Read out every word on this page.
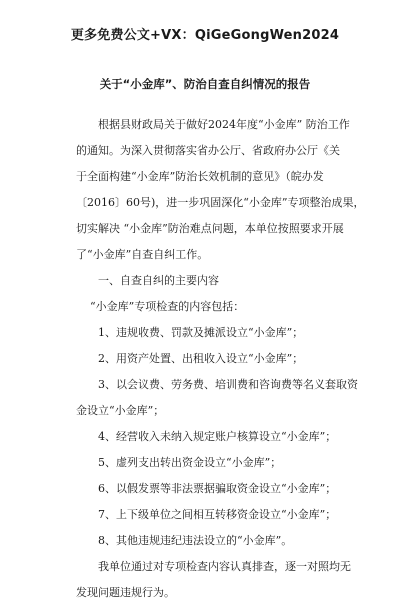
更多免费公文+VX：QiGeGongWen2024
关于“小金库”、防治自查自纠情况的报告
根据县财政局关于做好2024年度“小金库” 防治工作
的通知。为深入贯彻落实省办公厅、省政府办公厅《关
于全面构建“小金库”防治长效机制的意见》（皖办发
〔2016〕60号)，进一步巩固深化“小金库”专项整治成果，
切实解决 “小金库”防治难点问题，本单位按照要求开展
了“小金库”自查自纠工作。
一、自查自纠的主要内容
“小金库”专项检查的内容包括：
1、违规收费、罚款及摊派设立“小金库”；
2、用资产处置、出租收入设立“小金库”；
3、以会议费、劳务费、培训费和咨询费等名义套取资
金设立“小金库”；
4、经营收入未纳入规定账户核算设立“小金库”；
5、虚列支出转出资金设立“小金库”；
6、以假发票等非法票据骗取资金设立“小金库”；
7、上下级单位之间相互转移资金设立“小金库”；
8、其他违规违纪违法设立的“小金库”。
我单位通过对专项检查内容认真排查，逐一对照均无
发现问题违规行为。
